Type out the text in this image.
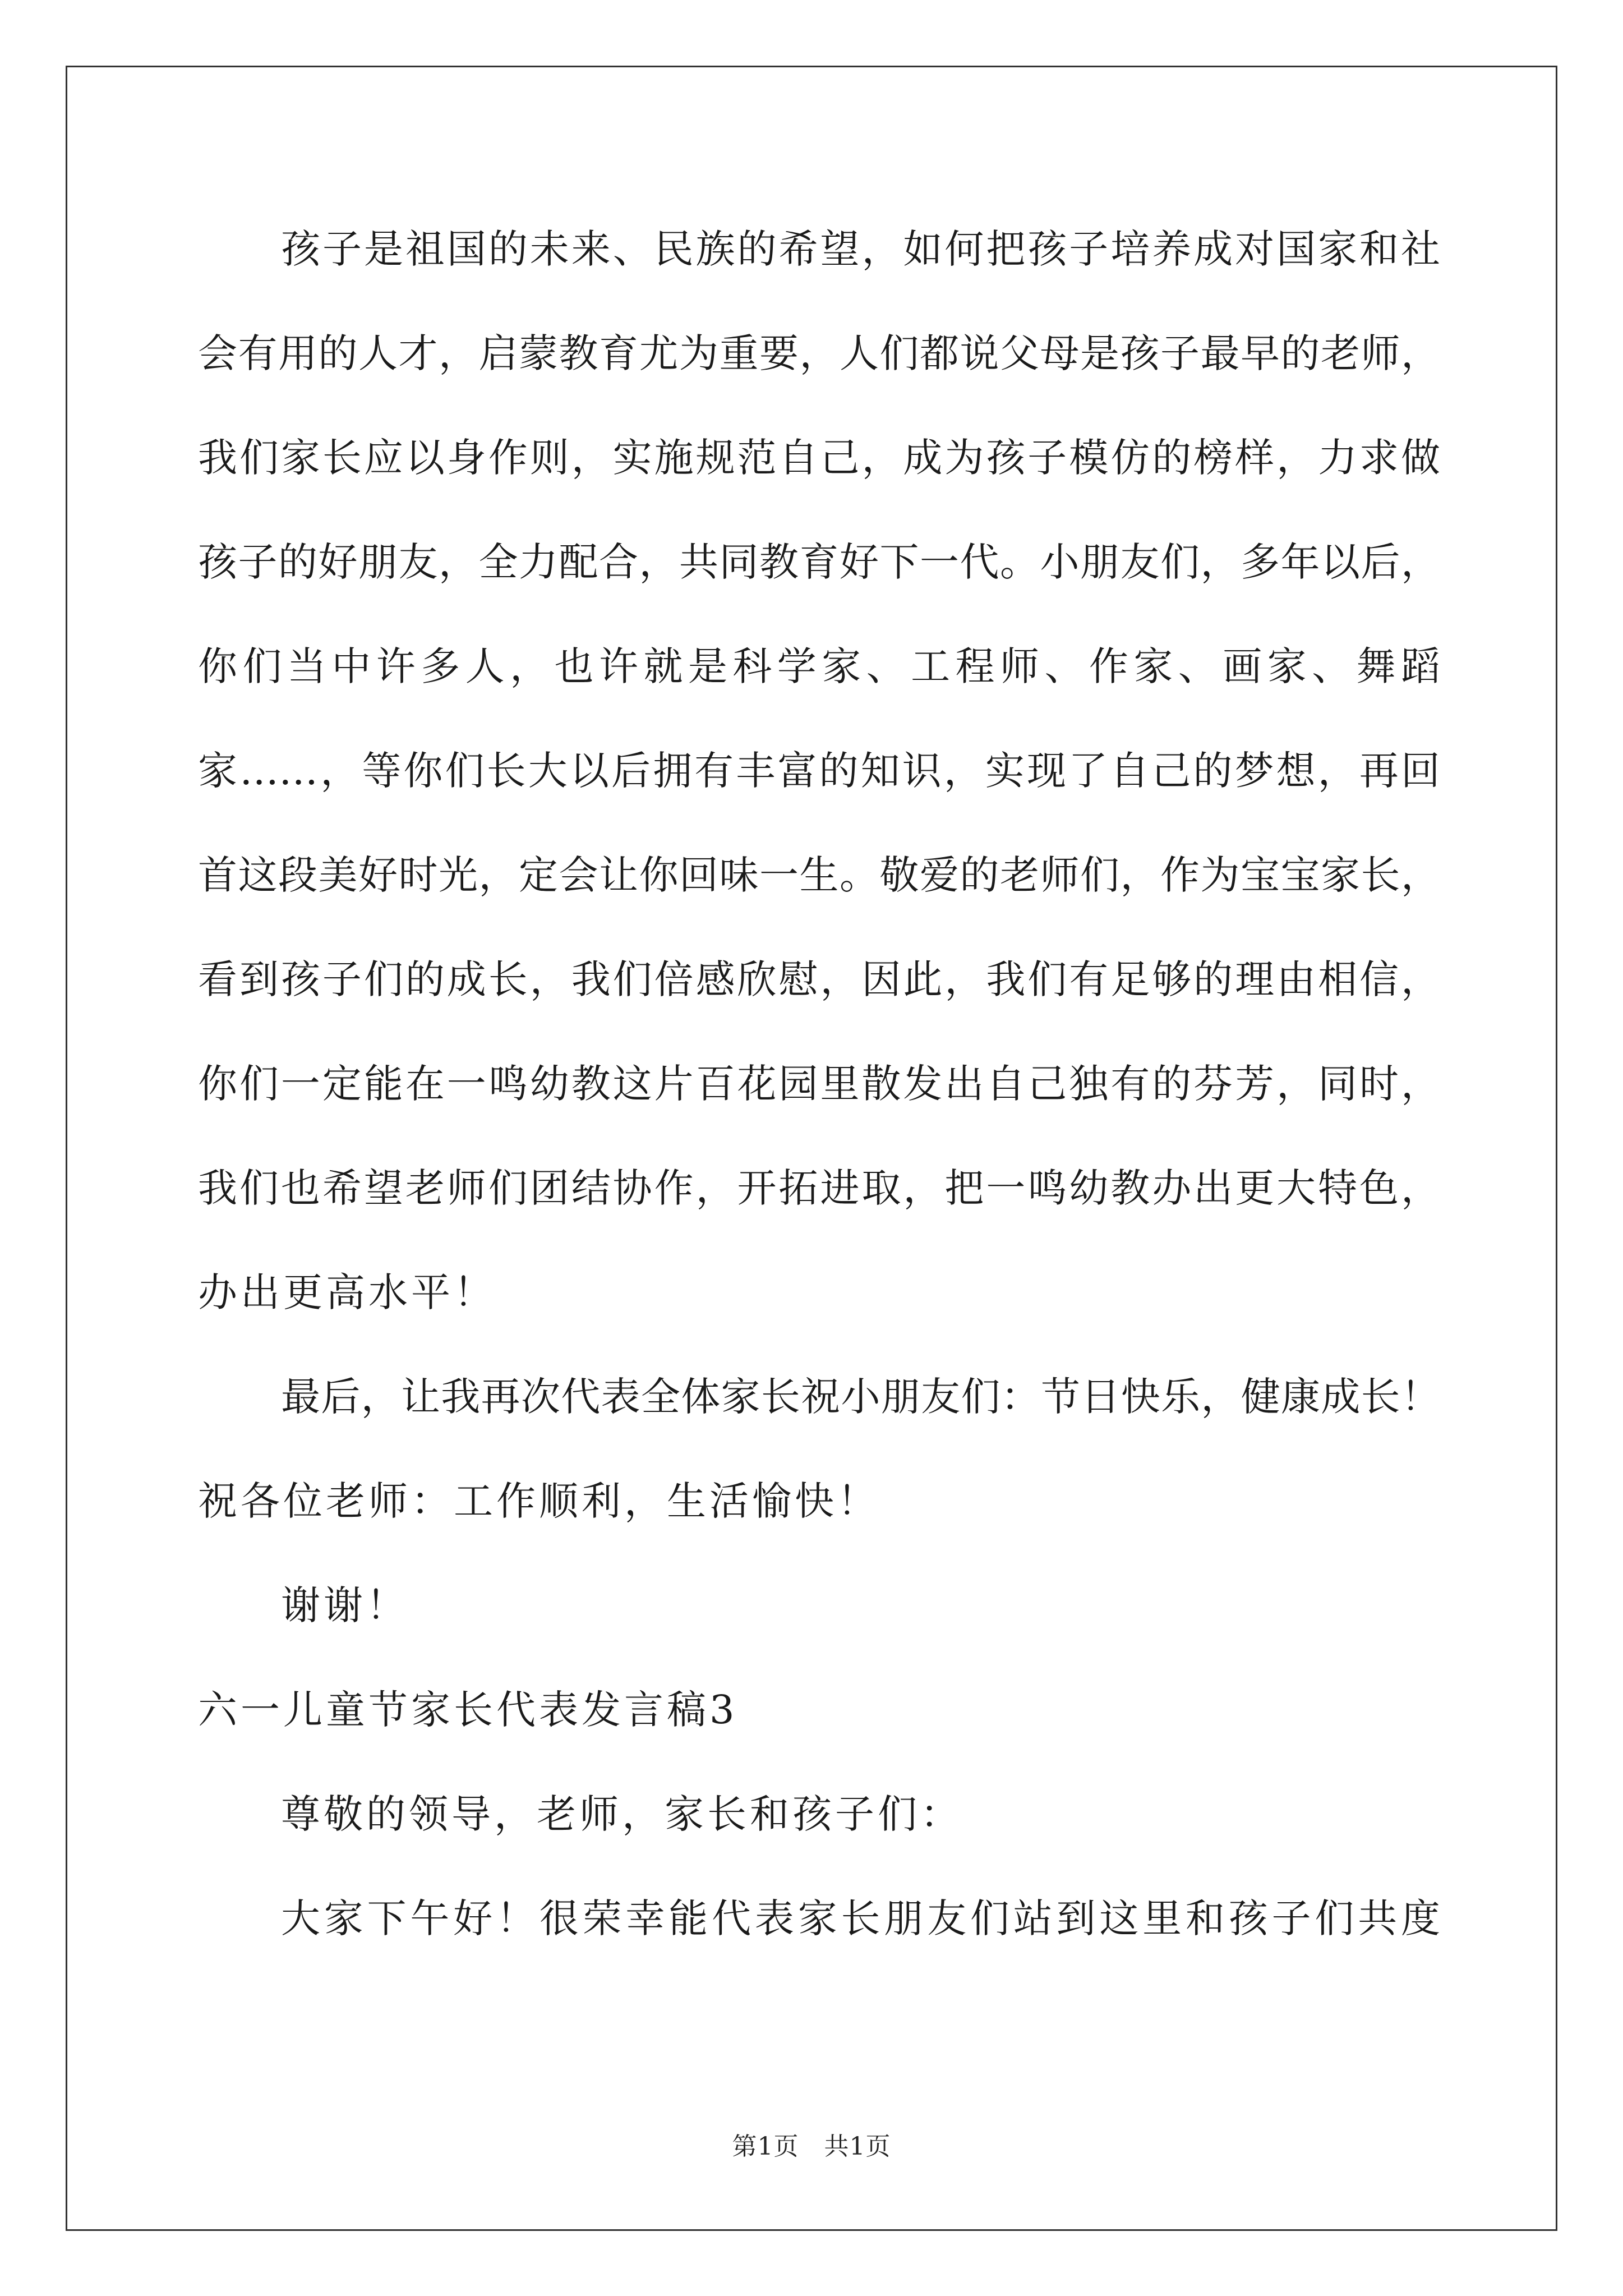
孩子是祖国的未来、民族的希望，如何把孩子培养成对国家和社
会有用的人才，启蒙教育尤为重要，人们都说父母是孩子最早的老师，
我们家长应以身作则，实施规范自己，成为孩子模仿的榜样，力求做
孩子的好朋友，全力配合，共同教育好下一代。小朋友们，多年以后，
你们当中许多人，也许就是科学家、工程师、作家、画家、舞蹈
家……，等你们长大以后拥有丰富的知识，实现了自己的梦想，再回
首这段美好时光，定会让你回味一生。敬爱的老师们，作为宝宝家长，
看到孩子们的成长，我们倍感欣慰，因此，我们有足够的理由相信，
你们一定能在一鸣幼教这片百花园里散发出自己独有的芬芳，同时，
我们也希望老师们团结协作，开拓进取，把一鸣幼教办出更大特色，
办出更高水平！
最后，让我再次代表全体家长祝小朋友们：节日快乐，健康成长！
祝各位老师：工作顺利，生活愉快！
谢谢！
六一儿童节家长代表发言稿3
尊敬的领导，老师，家长和孩子们：
大家下午好！很荣幸能代表家长朋友们站到这里和孩子们共度
第1页　共1页
